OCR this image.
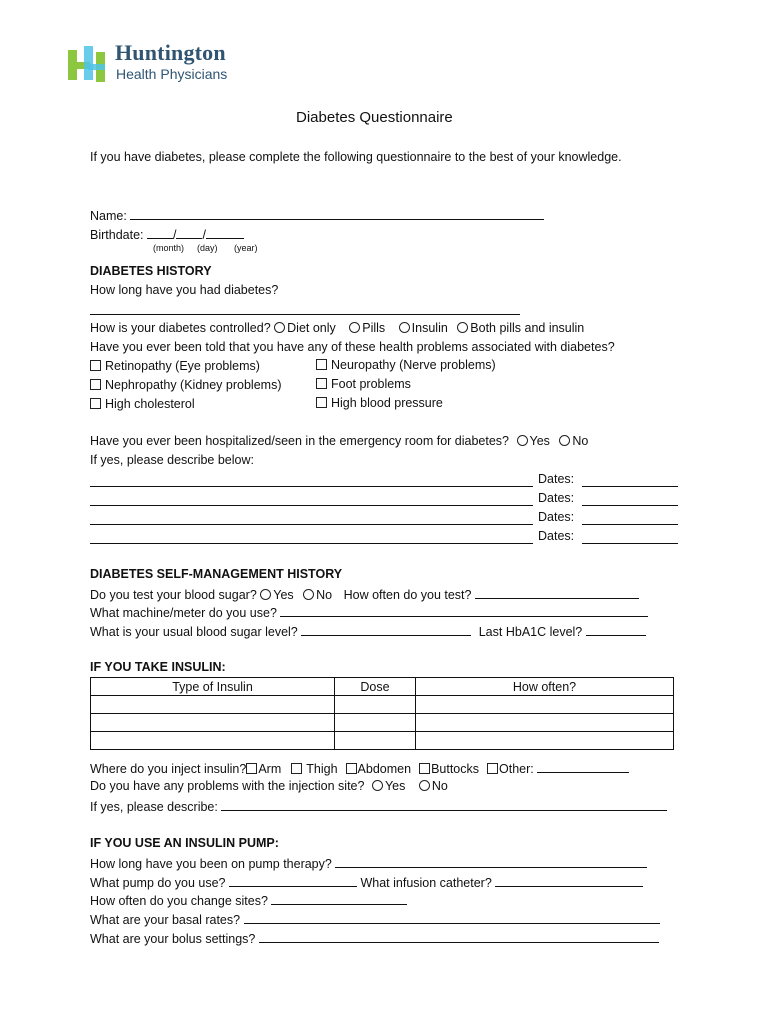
Huntington
Health Physicians
Diabetes Questionnaire
If you have diabetes, please complete the following questionnaire to the best of your knowledge.
Name:
Birthdate: / /
(month) (day) (year)
DIABETES HISTORY
How long have you had diabetes?
How is your diabetes controlled? Diet only Pills Insulin Both pills and insulin
Have you ever been told that you have any of these health problems associated with diabetes?
Retinopathy (Eye problems)
Nephropathy (Kidney problems)
High cholesterol
Neuropathy (Nerve problems)
Foot problems
High blood pressure
Have you ever been hospitalized/seen in the emergency room for diabetes? Yes No
If yes, please describe below:
Dates:
Dates:
Dates:
Dates:
DIABETES SELF-MANAGEMENT HISTORY
Do you test your blood sugar? Yes No How often do you test?
What machine/meter do you use?
What is your usual blood sugar level?	Last HbA1C level?
IF YOU TAKE INSULIN:
Type of Insulin	Dose	How often?

Where do you inject insulin? Arm Thigh Abdomen Buttocks Other:
Do you have any problems with the injection site? Yes No
If yes, please describe:
IF YOU USE AN INSULIN PUMP:
How long have you been on pump therapy?
What pump do you use?	What infusion catheter?
How often do you change sites?
What are your basal rates?
What are your bolus settings?
